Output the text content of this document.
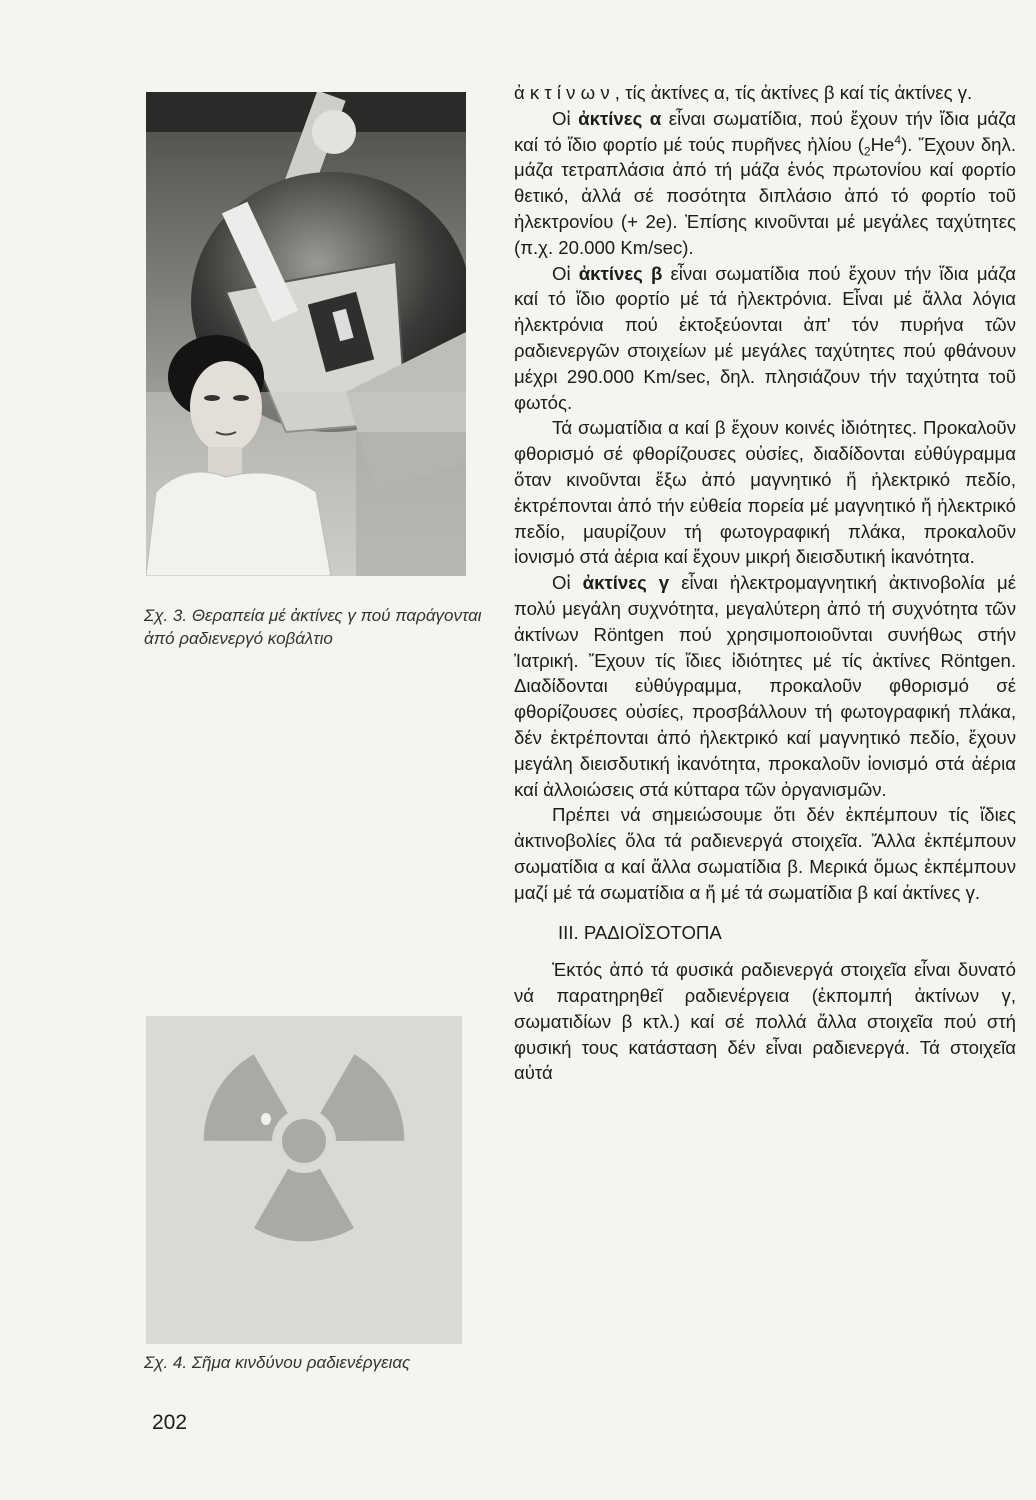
Σχ. 3. Θεραπεία μέ ἀκτίνες γ πού παράγονται ἀπό ραδιενεργό κοβάλτιο
Σχ. 4. Σῆμα κινδύνου ραδιενέργειας
202

ἀ κ τ ί ν ω ν , τίς ἀκτίνες α, τίς ἀκτίνες β καί τίς ἀκτίνες γ.

Οἱ ἀκτίνες α εἶναι σωματίδια, πού ἔχουν τήν ἴδια μάζα καί τό ἴδιο φορτίο μέ τούς πυρῆνες ἡλίου $(_2He^4)$. Ἔχουν δηλ. μάζα τετραπλάσια ἀπό τή μάζα ἑνός πρωτονίου καί φορτίο θετικό, ἀλλά σέ ποσότητα διπλάσιο ἀπό τό φορτίο τοῦ ἠλεκτρονίου (+ 2e). Ἐπίσης κινοῦνται μέ μεγάλες ταχύτητες (π.χ. 20.000 Km/sec).

Οἱ ἀκτίνες β εἶναι σωματίδια πού ἔχουν τήν ἴδια μάζα καί τό ἴδιο φορτίο μέ τά ἠλεκτρόνια. Εἶναι μέ ἄλλα λόγια ἠλεκτρόνια πού ἐκτοξεύονται ἀπ' τόν πυρήνα τῶν ραδιενεργῶν στοιχείων μέ μεγάλες ταχύτητες πού φθάνουν μέχρι 290.000 Km/sec, δηλ. πλησιάζουν τήν ταχύτητα τοῦ φωτός.

Τά σωματίδια α καί β ἔχουν κοινές ἰδιότητες. Προκαλοῦν φθορισμό σέ φθορίζουσες οὐσίες, διαδίδονται εὐθύγραμμα ὅταν κινοῦνται ἔξω ἀπό μαγνητικό ἤ ἠλεκτρικό πεδίο, ἐκτρέπονται ἀπό τήν εὐθεία πορεία μέ μαγνητικό ἤ ἠλεκτρικό πεδίο, μαυρίζουν τή φωτογραφική πλάκα, προκαλοῦν ἰονισμό στά ἀέρια καί ἔχουν μικρή διεισδυτική ἱκανότητα.

Οἱ ἀκτίνες γ εἶναι ἠλεκτρομαγνητική ἀκτινοβολία μέ πολύ μεγάλη συχνότητα, μεγαλύτερη ἀπό τή συχνότητα τῶν ἀκτίνων Röntgen πού χρησιμοποιοῦνται συνήθως στήν Ἰατρική. Ἔχουν τίς ἴδιες ἰδιότητες μέ τίς ἀκτίνες Röntgen. Διαδίδονται εὐθύγραμμα, προκαλοῦν φθορισμό σέ φθορίζουσες οὐσίες, προσβάλλουν τή φωτογραφική πλάκα, δέν ἐκτρέπονται ἀπό ἠλεκτρικό καί μαγνητικό πεδίο, ἔχουν μεγάλη διεισδυτική ἱκανότητα, προκαλοῦν ἰονισμό στά ἀέρια καί ἀλλοιώσεις στά κύτταρα τῶν ὀργανισμῶν.

Πρέπει νά σημειώσουμε ὅτι δέν ἐκπέμπουν τίς ἴδιες ἀκτινοβολίες ὅλα τά ραδιενεργά στοιχεῖα. Ἄλλα ἐκπέμπουν σωματίδια α καί ἄλλα σωματίδια β. Μερικά ὅμως ἐκπέμπουν μαζί μέ τά σωματίδια α ἤ μέ τά σωματίδια β καί ἀκτίνες γ.

III. ΡΑΔΙΟΪΣΟΤΟΠΑ

Ἐκτός ἀπό τά φυσικά ραδιενεργά στοιχεῖα εἶναι δυνατό νά παρατηρηθεῖ ραδιενέργεια (ἐκπομπή ἀκτίνων γ, σωματιδίων β κτλ.) καί σέ πολλά ἄλλα στοιχεῖα πού στή φυσική τους κατάσταση δέν εἶναι ραδιενεργά. Τά στοιχεῖα αὐτά
